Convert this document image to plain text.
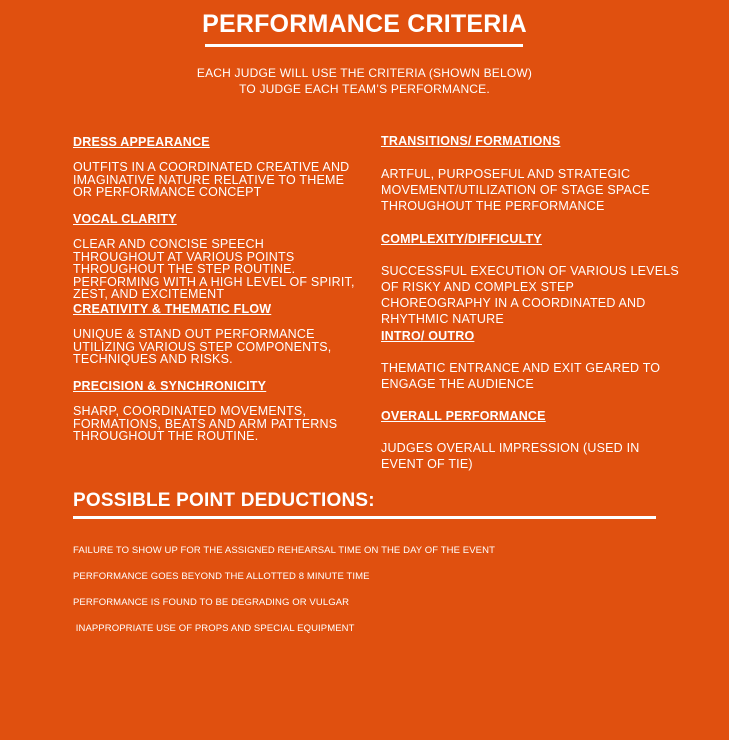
PERFORMANCE CRITERIA
EACH JUDGE WILL USE THE CRITERIA (SHOWN BELOW)
TO JUDGE EACH TEAM’S PERFORMANCE.
DRESS APPEARANCE
OUTFITS IN A COORDINATED CREATIVE AND IMAGINATIVE NATURE RELATIVE TO THEME OR PERFORMANCE CONCEPT
VOCAL CLARITY
CLEAR AND CONCISE SPEECH THROUGHOUT AT VARIOUS POINTS THROUGHOUT THE STEP ROUTINE. PERFORMING WITH A HIGH LEVEL OF SPIRIT, ZEST, AND EXCITEMENT
CREATIVITY & THEMATIC FLOW
UNIQUE & STAND OUT PERFORMANCE UTILIZING VARIOUS STEP COMPONENTS, TECHNIQUES AND RISKS.
PRECISION & SYNCHRONICITY
SHARP, COORDINATED MOVEMENTS, FORMATIONS, BEATS AND ARM PATTERNS THROUGHOUT THE ROUTINE.
TRANSITIONS/ FORMATIONS
ARTFUL, PURPOSEFUL AND STRATEGIC MOVEMENT/UTILIZATION OF STAGE SPACE THROUGHOUT THE PERFORMANCE
COMPLEXITY/DIFFICULTY
SUCCESSFUL EXECUTION OF VARIOUS LEVELS OF RISKY AND COMPLEX STEP CHOREOGRAPHY IN A COORDINATED AND RHYTHMIC NATURE
INTRO/ OUTRO
THEMATIC ENTRANCE AND EXIT GEARED TO ENGAGE THE AUDIENCE
OVERALL PERFORMANCE
JUDGES OVERALL IMPRESSION (USED IN EVENT OF TIE)
POSSIBLE POINT DEDUCTIONS:
FAILURE TO SHOW UP FOR THE ASSIGNED REHEARSAL TIME ON THE DAY OF THE EVENT
PERFORMANCE GOES BEYOND THE ALLOTTED 8 MINUTE TIME
PERFORMANCE IS FOUND TO BE DEGRADING OR VULGAR
INAPPROPRIATE USE OF PROPS AND SPECIAL EQUIPMENT
